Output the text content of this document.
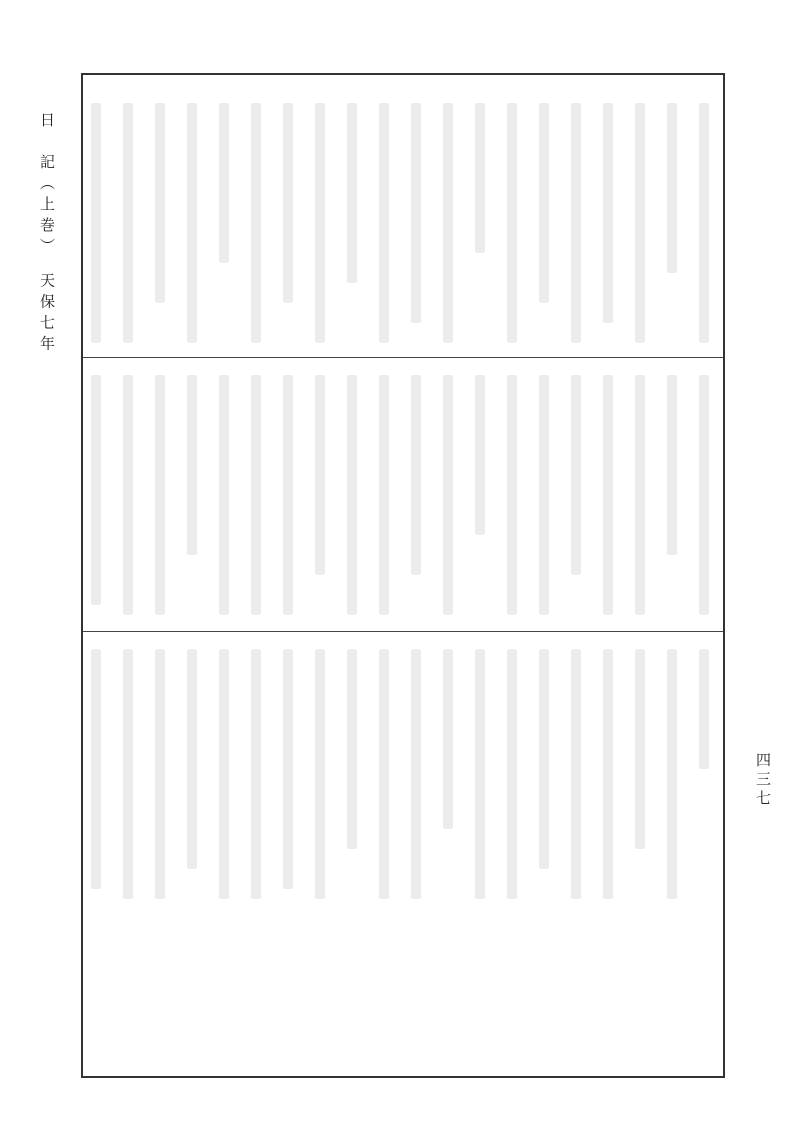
日　記（上巻）　天保七年
四三七
